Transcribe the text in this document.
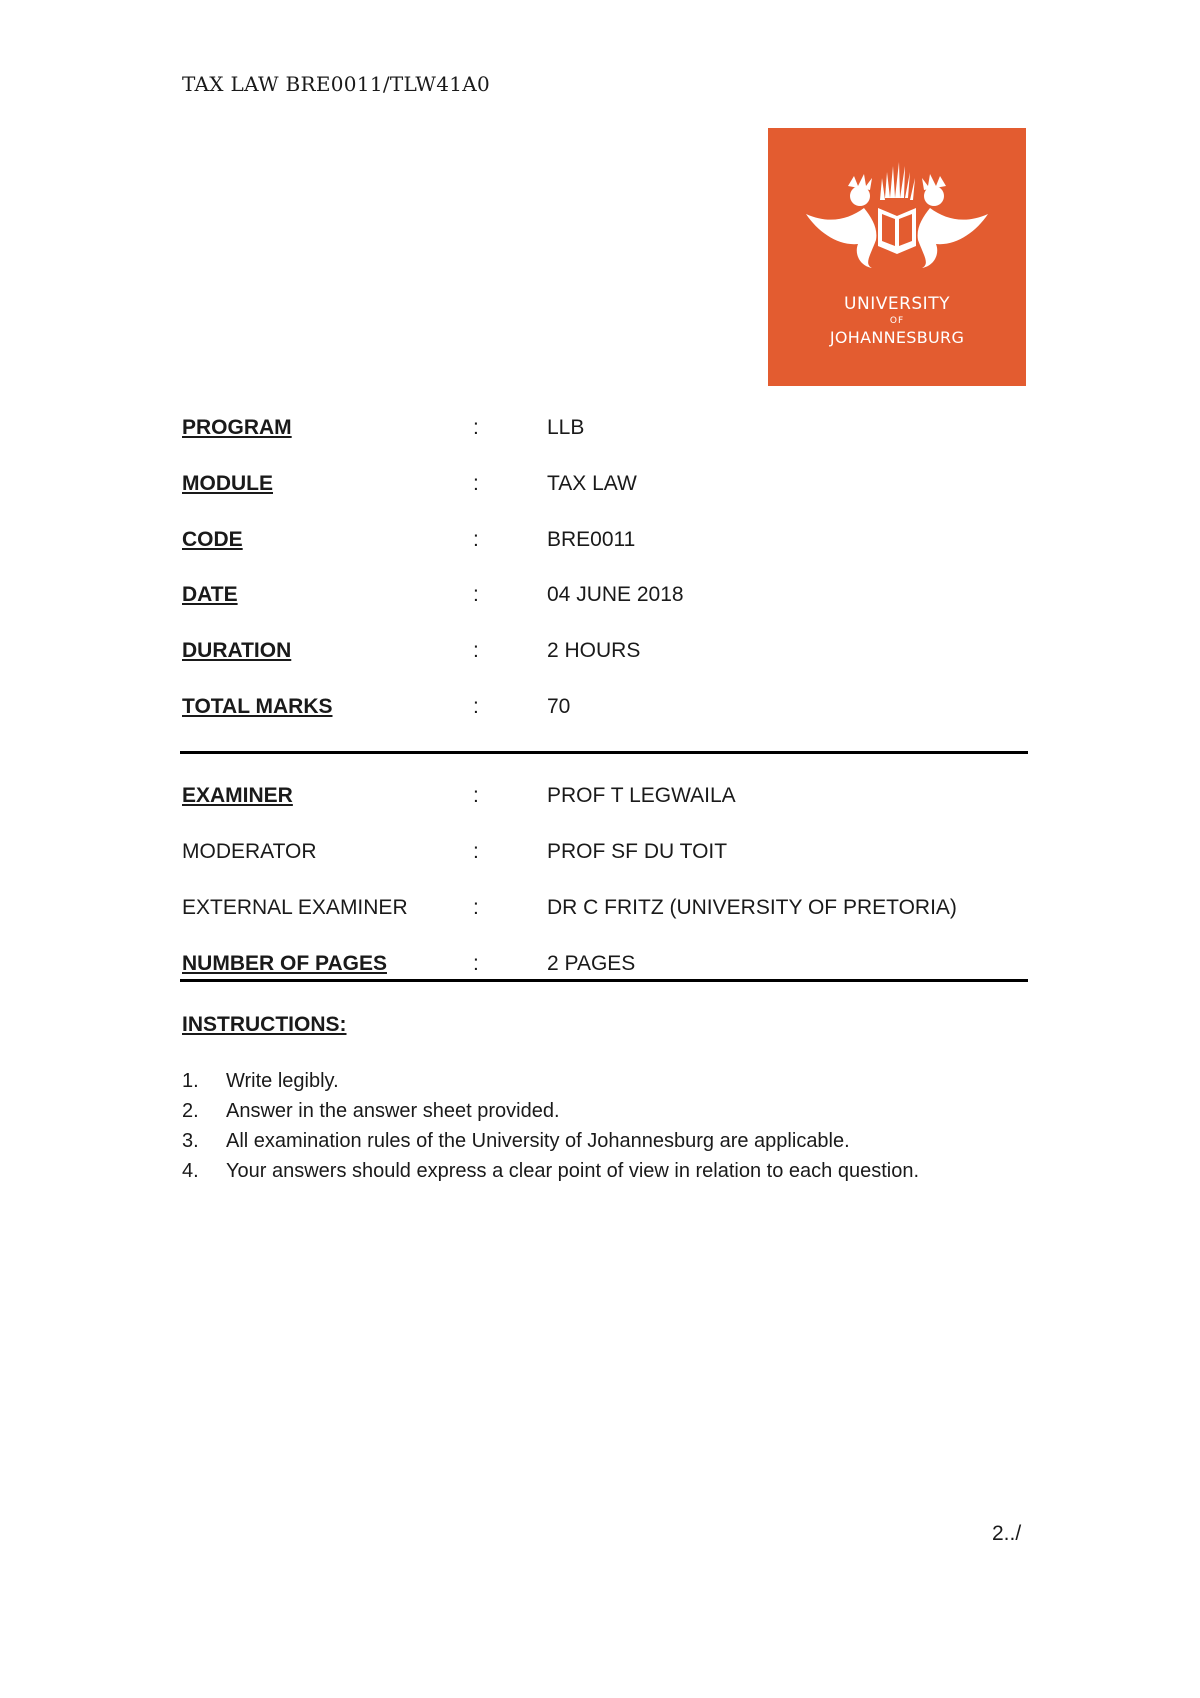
TAX LAW BRE0011/TLW41A0
UNIVERSITY
OF
JOHANNESBURG
PROGRAM	:	LLB
MODULE	:	TAX LAW
CODE	:	BRE0011
DATE	:	04 JUNE 2018
DURATION	:	2 HOURS
TOTAL MARKS	:	70
EXAMINER	:	PROF T LEGWAILA
MODERATOR	:	PROF SF DU TOIT
EXTERNAL EXAMINER	:	DR C FRITZ (UNIVERSITY OF PRETORIA)
NUMBER OF PAGES	:	2 PAGES
INSTRUCTIONS:
1. Write legibly.
2. Answer in the answer sheet provided.
3. All examination rules of the University of Johannesburg are applicable.
4. Your answers should express a clear point of view in relation to each question.
2../
